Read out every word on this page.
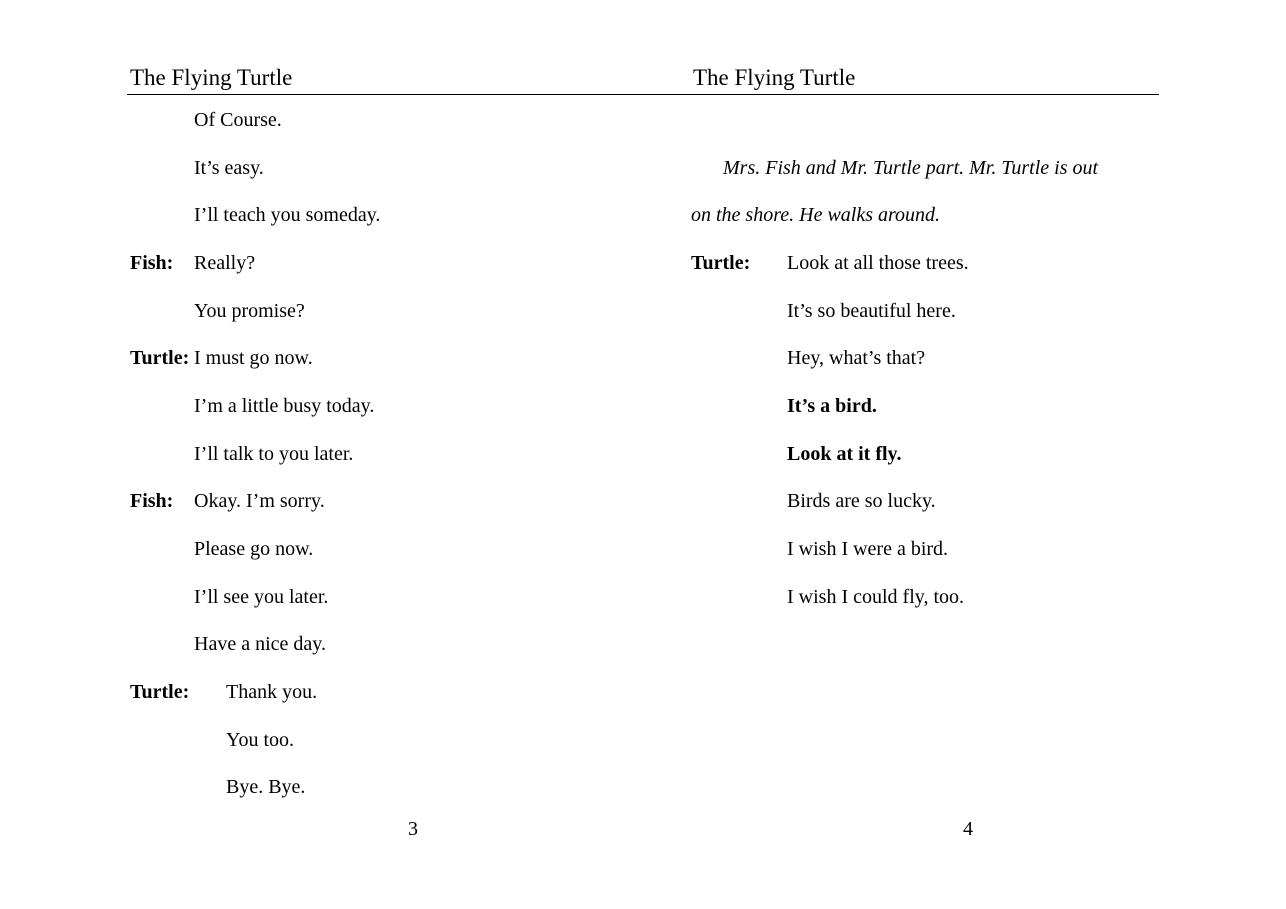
The Flying Turtle	The Flying Turtle
Of Course.
It’s easy.
I’ll teach you someday.
Fish: Really?
You promise?
Turtle: I must go now.
I’m a little busy today.
I’ll talk to you later.
Fish: Okay. I’m sorry.
Please go now.
I’ll see you later.
Have a nice day.
Turtle: Thank you.
You too.
Bye. Bye.
3
Mrs. Fish and Mr. Turtle part. Mr. Turtle is out
on the shore. He walks around.
Turtle: Look at all those trees.
It’s so beautiful here.
Hey, what’s that?
It’s a bird.
Look at it fly.
Birds are so lucky.
I wish I were a bird.
I wish I could fly, too.
4
